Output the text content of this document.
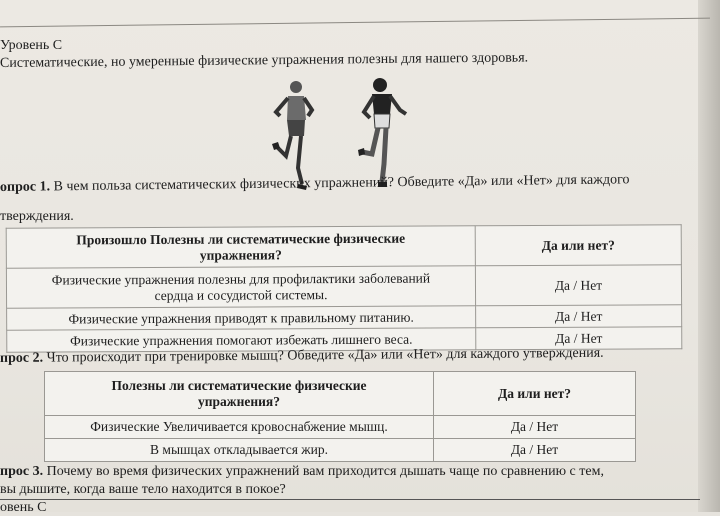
Уровень С
Систематические, но умеренные физические упражнения полезны для нашего здоровья.
опрос 1. В чем польза систематических физических упражнений? Обведите «Да» или «Нет» для каждого
тверждения.
Произошло Полезны ли систематические физические
упражнения?	Да или нет?

Физические упражнения полезны для профилактики заболеваний
сердца и сосудистой системы.	Да / Нет
Физические упражнения приводят к правильному питанию.	Да / Нет
Физические упражнения помогают избежать лишнего веса.	Да / Нет
прос 2. Что происходит при тренировке мышц? Обведите «Да» или «Нет» для каждого утверждения.
Полезны ли систематические физические
упражнения?	Да или нет?
Физические Увеличивается кровоснабжение мышц.	Да / Нет
В мышцах откладывается жир.	Да / Нет
прос 3. Почему во время физических упражнений вам приходится дышать чаще по сравнению с тем,
вы дышите, когда ваше тело находится в покое?
овень С
